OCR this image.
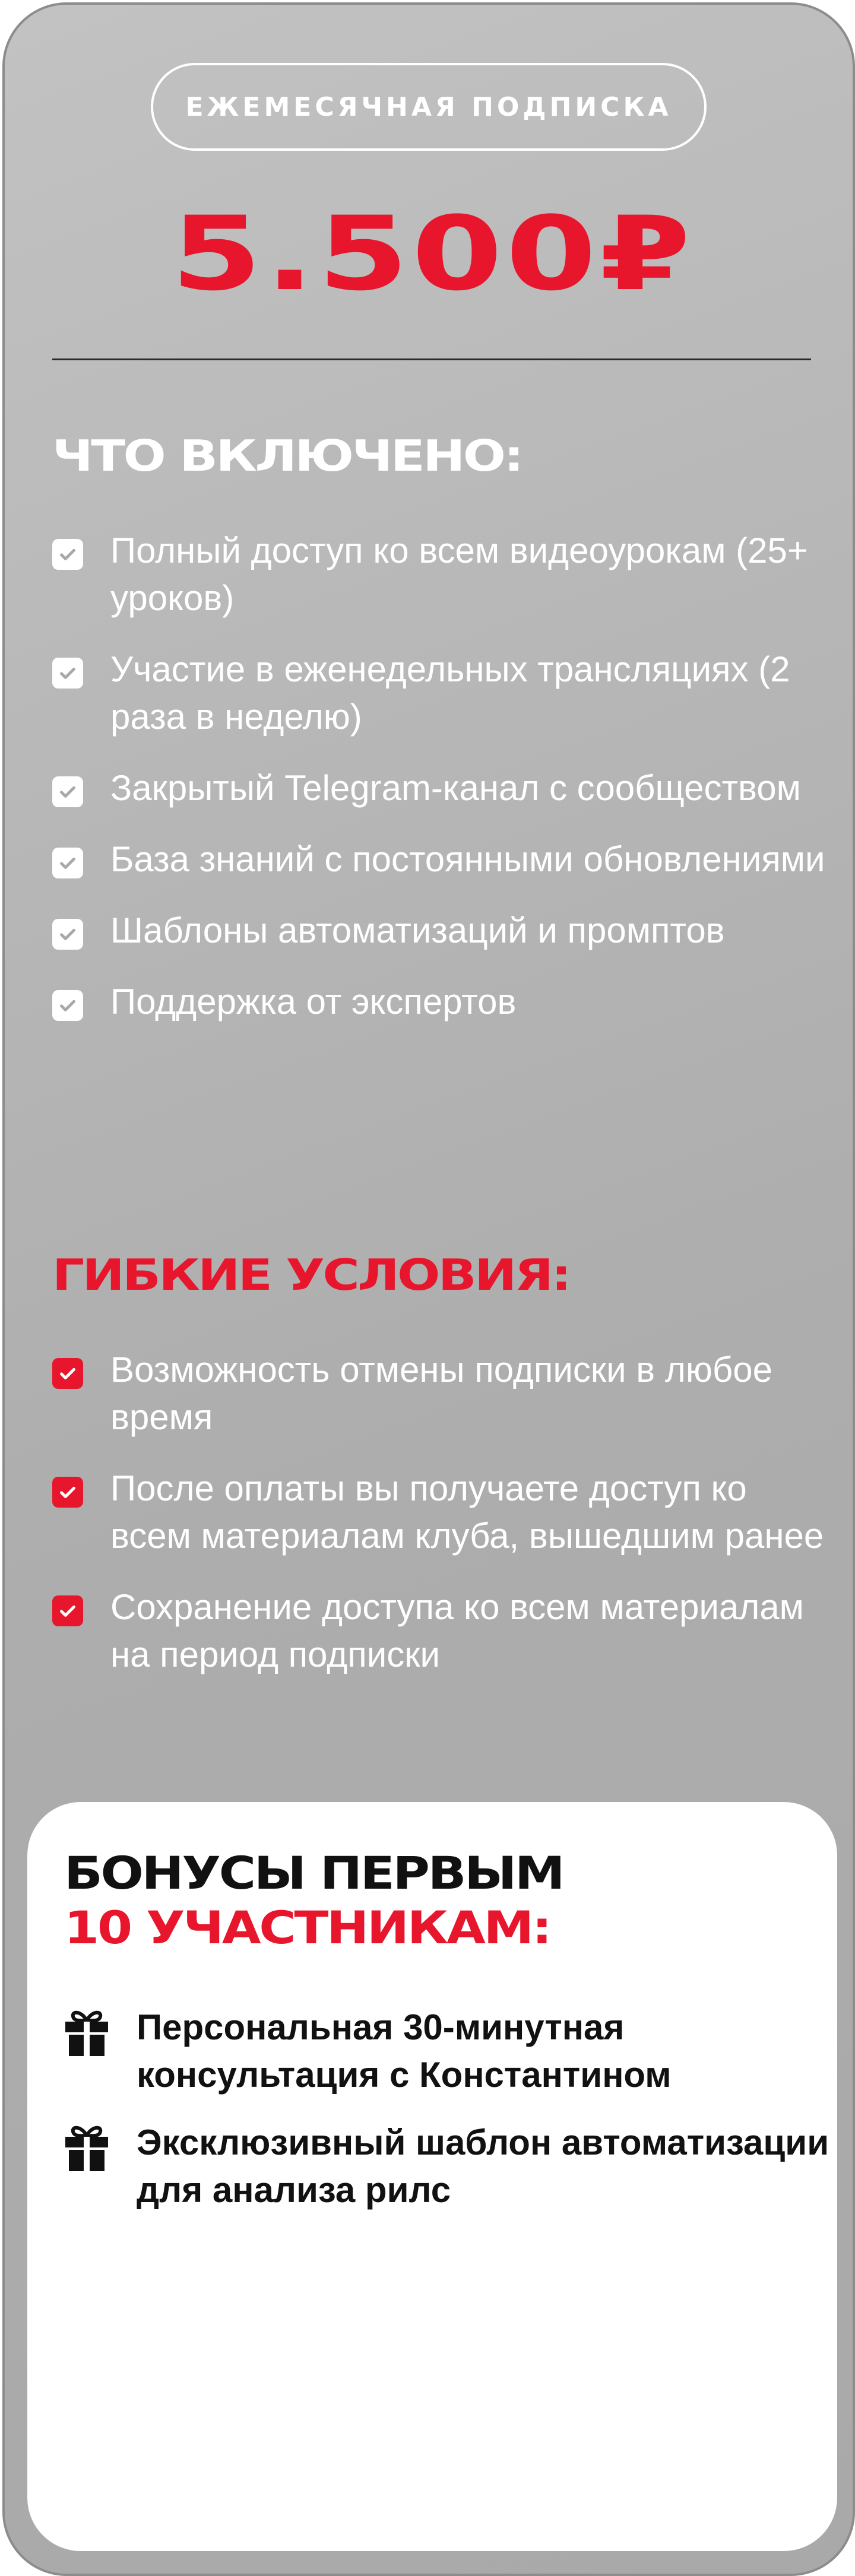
ЕЖЕМЕСЯЧНАЯ ПОДПИСКА
5.500₽
ЧТО ВКЛЮЧЕНО:
Полный доступ ко всем видеоурокам (25+ уроков)
Участие в еженедельных трансляциях (2 раза в неделю)
Закрытый Telegram-канал с сообществом
База знаний с постоянными обновлениями
Шаблоны автоматизаций и промптов
Поддержка от экспертов
ГИБКИЕ УСЛОВИЯ:
Возможность отмены подписки в любое время
После оплаты вы получаете доступ ко всем материалам клуба, вышедшим ранее
Сохранение доступа ко всем материалам на период подписки
БОНУСЫ ПЕРВЫМ
10 УЧАСТНИКАМ:
Персональная 30-минутная консультация с Константином
Эксклюзивный шаблон автоматизации для анализа рилс
